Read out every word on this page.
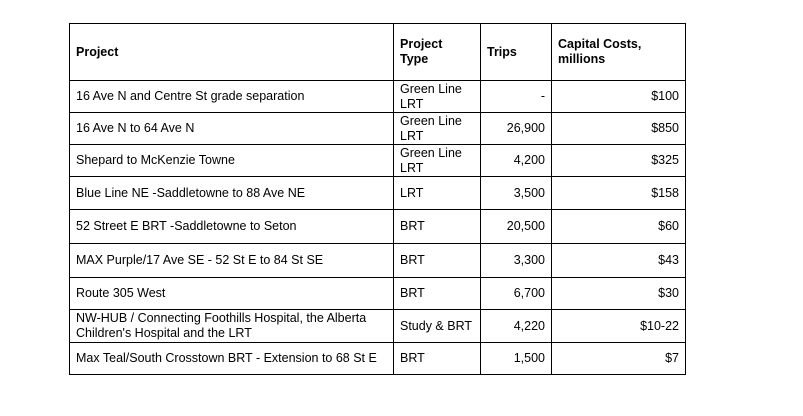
Project	Project Type	Trips	Capital Costs, millions
16 Ave N and Centre St grade separation	Green Line LRT	-	$100
16 Ave N to 64 Ave N	Green Line LRT	26,900	$850
Shepard to McKenzie Towne	Green Line LRT	4,200	$325
Blue Line NE -Saddletowne to 88 Ave NE	LRT	3,500	$158
52 Street E BRT -Saddletowne to Seton	BRT	20,500	$60
MAX Purple/17 Ave SE - 52 St E to 84 St SE	BRT	3,300	$43
Route 305 West	BRT	6,700	$30
NW-HUB / Connecting Foothills Hospital, the Alberta Children's Hospital and the LRT	Study & BRT	4,220	$10-22
Max Teal/South Crosstown BRT - Extension to 68 St E	BRT	1,500	$7
